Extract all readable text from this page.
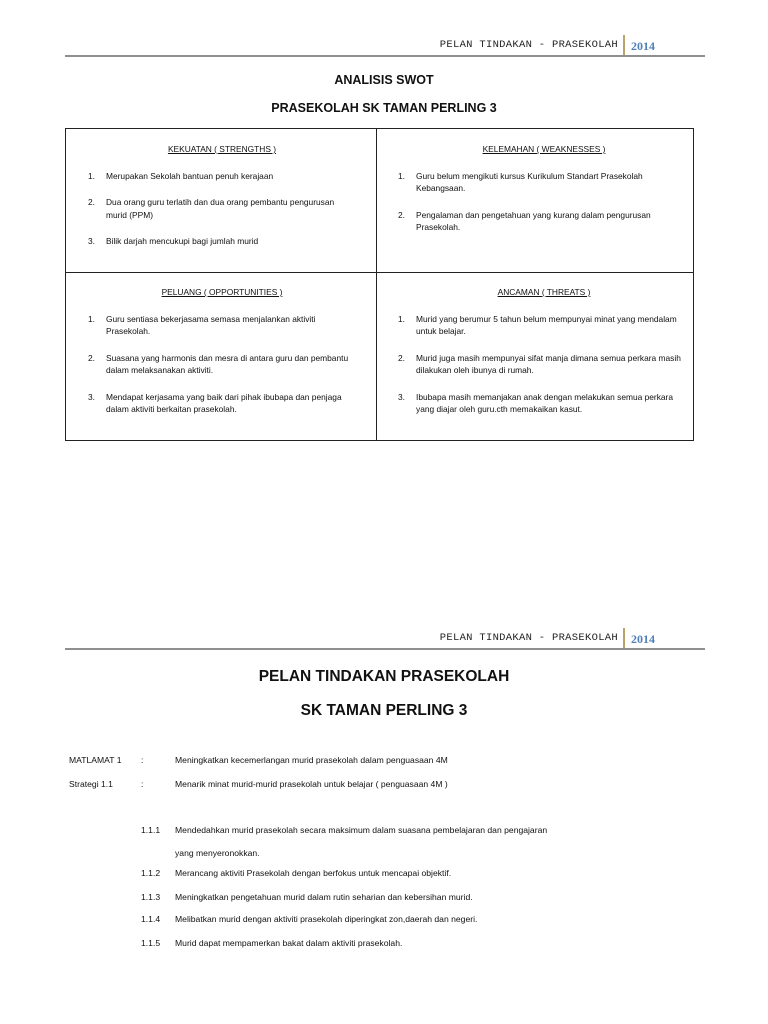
PELAN TINDAKAN - PRASEKOLAH 2014
ANALISIS SWOT
PRASEKOLAH SK TAMAN PERLING 3
KEKUATAN ( STRENGTHS )
1. Merupakan Sekolah bantuan penuh kerajaan
2. Dua orang guru terlatih dan dua orang pembantu pengurusan murid (PPM)
3. Bilik darjah mencukupi bagi jumlah murid
KELEMAHAN ( WEAKNESSES )
1. Guru belum mengikuti kursus Kurikulum Standart Prasekolah Kebangsaan.
2. Pengalaman dan pengetahuan yang kurang dalam pengurusan Prasekolah.
PELUANG ( OPPORTUNITIES )
1. Guru sentiasa bekerjasama semasa menjalankan aktiviti Prasekolah.
2. Suasana yang harmonis dan mesra di antara guru dan pembantu dalam melaksanakan aktiviti.
3. Mendapat kerjasama yang baik dari pihak ibubapa dan penjaga dalam aktiviti berkaitan prasekolah.
ANCAMAN ( THREATS )
1. Murid yang berumur 5 tahun belum mempunyai minat yang mendalam untuk belajar.
2. Murid juga masih mempunyai sifat manja dimana semua perkara masih dilakukan oleh ibunya di rumah.
3. Ibubapa masih memanjakan anak dengan melakukan semua perkara yang diajar oleh guru.cth memakaikan kasut.
PELAN TINDAKAN - PRASEKOLAH 2014
PELAN TINDAKAN PRASEKOLAH
SK TAMAN PERLING 3
MATLAMAT 1 :	Meningkatkan kecemerlangan murid prasekolah dalam penguasaan 4M
Strategi 1.1	:	Menarik minat murid-murid prasekolah untuk belajar ( penguasaan 4M )
1.1.1 Mendedahkan murid prasekolah secara maksimum dalam suasana pembelajaran dan pengajaran
yang menyeronokkan.
1.1.2 Merancang aktiviti Prasekolah dengan berfokus untuk mencapai objektif.
1.1.3 Meningkatkan pengetahuan murid dalam rutin seharian dan kebersihan murid.
1.1.4 Melibatkan murid dengan aktiviti prasekolah diperingkat zon,daerah dan negeri.
1.1.5 Murid dapat mempamerkan bakat dalam aktiviti prasekolah.
